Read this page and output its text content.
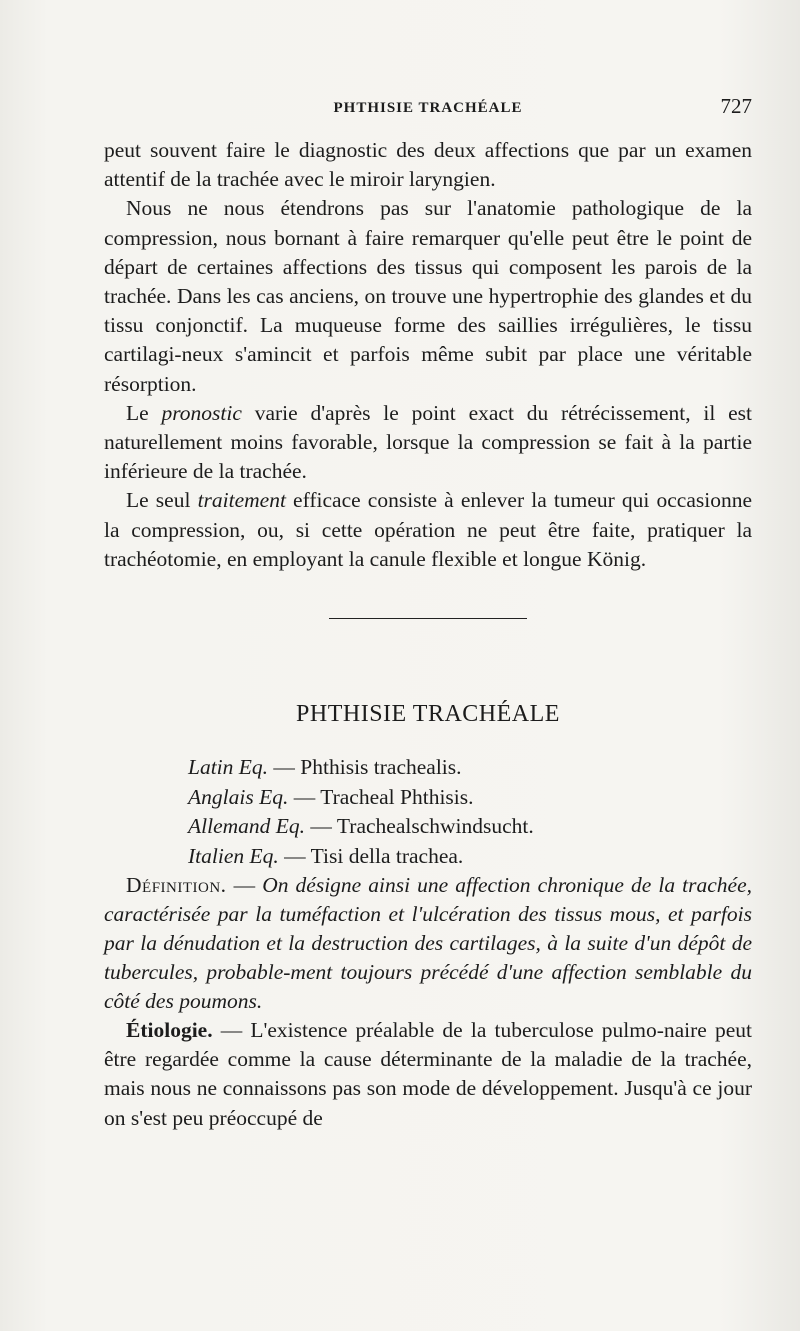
PHTHISIE TRACHÉALE	727

peut souvent faire le diagnostic des deux affections que par un examen attentif de la trachée avec le miroir laryngien.

Nous ne nous étendrons pas sur l'anatomie pathologique de la compression, nous bornant à faire remarquer qu'elle peut être le point de départ de certaines affections des tissus qui composent les parois de la trachée. Dans les cas anciens, on trouve une hypertrophie des glandes et du tissu conjonctif. La muqueuse forme des saillies irrégulières, le tissu cartilagi-neux s'amincit et parfois même subit par place une véritable résorption.

Le pronostic varie d'après le point exact du rétrécissement, il est naturellement moins favorable, lorsque la compression se fait à la partie inférieure de la trachée.

Le seul traitement efficace consiste à enlever la tumeur qui occasionne la compression, ou, si cette opération ne peut être faite, pratiquer la trachéotomie, en employant la canule flexible et longue König.

PHTHISIE TRACHÉALE
Latin Eq. — Phthisis trachealis.
Anglais Eq. — Tracheal Phthisis.
Allemand Eq. — Trachealschwindsucht.
Italien Eq. — Tisi della trachea.

Définition. — On désigne ainsi une affection chronique de la trachée, caractérisée par la tuméfaction et l'ulcération des tissus mous, et parfois par la dénudation et la destruction des cartilages, à la suite d'un dépôt de tubercules, probable-ment toujours précédé d'une affection semblable du côté des poumons.

Étiologie. — L'existence préalable de la tuberculose pulmo-naire peut être regardée comme la cause déterminante de la maladie de la trachée, mais nous ne connaissons pas son mode de développement. Jusqu'à ce jour on s'est peu préoccupé de
